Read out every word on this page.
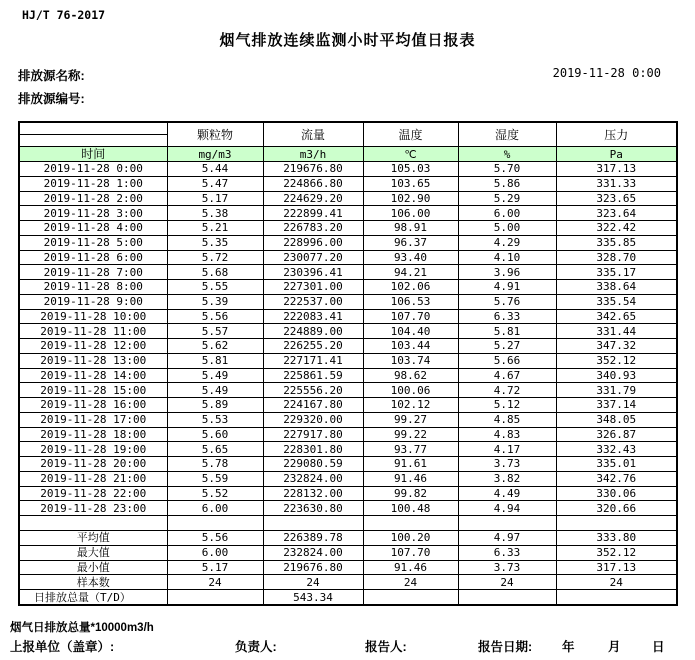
HJ/T 76-2017
烟气排放连续监测小时平均值日报表
排放源名称:
排放源编号:
2019-11-28 0:00
	颗粒物	流量	温度	湿度	压力

时间	mg/m3	m3/h	℃	%	Pa
2019-11-28 0:00	5.44	219676.80	105.03	5.70	317.13
2019-11-28 1:00	5.47	224866.80	103.65	5.86	331.33
2019-11-28 2:00	5.17	224629.20	102.90	5.29	323.65
2019-11-28 3:00	5.38	222899.41	106.00	6.00	323.64
2019-11-28 4:00	5.21	226783.20	98.91	5.00	322.42
2019-11-28 5:00	5.35	228996.00	96.37	4.29	335.85
2019-11-28 6:00	5.72	230077.20	93.40	4.10	328.70
2019-11-28 7:00	5.68	230396.41	94.21	3.96	335.17
2019-11-28 8:00	5.55	227301.00	102.06	4.91	338.64
2019-11-28 9:00	5.39	222537.00	106.53	5.76	335.54
2019-11-28 10:00	5.56	222083.41	107.70	6.33	342.65
2019-11-28 11:00	5.57	224889.00	104.40	5.81	331.44
2019-11-28 12:00	5.62	226255.20	103.44	5.27	347.32
2019-11-28 13:00	5.81	227171.41	103.74	5.66	352.12
2019-11-28 14:00	5.49	225861.59	98.62	4.67	340.93
2019-11-28 15:00	5.49	225556.20	100.06	4.72	331.79
2019-11-28 16:00	5.89	224167.80	102.12	5.12	337.14
2019-11-28 17:00	5.53	229320.00	99.27	4.85	348.05
2019-11-28 18:00	5.60	227917.80	99.22	4.83	326.87
2019-11-28 19:00	5.65	228301.80	93.77	4.17	332.43
2019-11-28 20:00	5.78	229080.59	91.61	3.73	335.01
2019-11-28 21:00	5.59	232824.00	91.46	3.82	342.76
2019-11-28 22:00	5.52	228132.00	99.82	4.49	330.06
2019-11-28 23:00	6.00	223630.80	100.48	4.94	320.66

平均值	5.56	226389.78	100.20	4.97	333.80
最大值	6.00	232824.00	107.70	6.33	352.12
最小值	5.17	219676.80	91.46	3.73	317.13
样本数	24	24	24	24	24
日排放总量（T/D）		543.34			
烟气日排放总量*10000m3/h
上报单位（盖章）:	负责人:	报告人:	报告日期: 年	月	日
